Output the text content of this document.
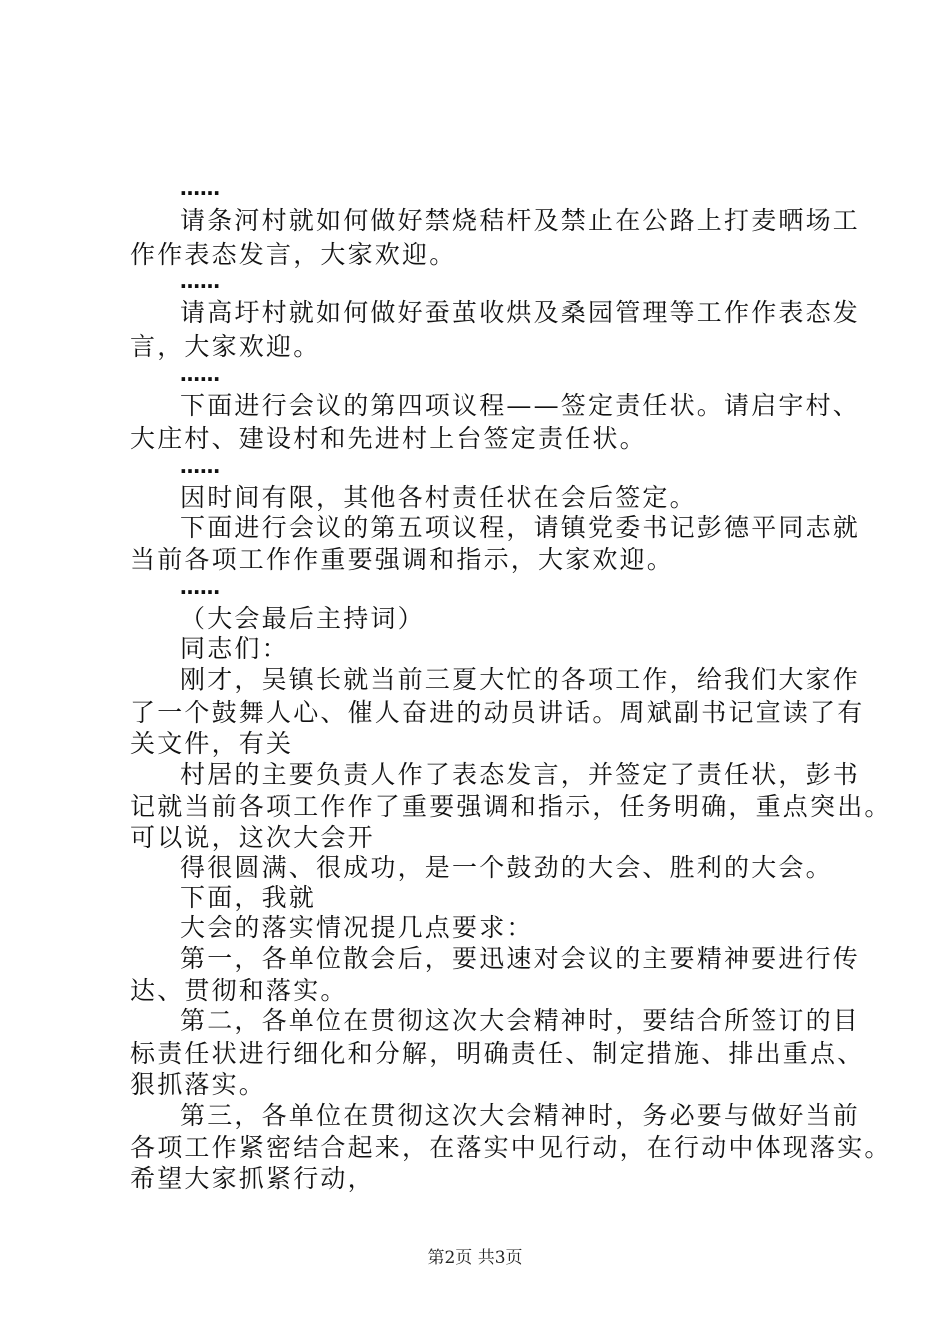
……
请条河村就如何做好禁烧秸杆及禁止在公路上打麦晒场工
作作表态发言，大家欢迎。
……
请高圩村就如何做好蚕茧收烘及桑园管理等工作作表态发
言，大家欢迎。
……
下面进行会议的第四项议程——签定责任状。请启宇村、
大庄村、建设村和先进村上台签定责任状。
……
因时间有限，其他各村责任状在会后签定。
下面进行会议的第五项议程，请镇党委书记彭德平同志就
当前各项工作作重要强调和指示，大家欢迎。
……
（大会最后主持词）
同志们：
刚才，吴镇长就当前三夏大忙的各项工作，给我们大家作
了一个鼓舞人心、催人奋进的动员讲话。周斌副书记宣读了有
关文件，有关
村居的主要负责人作了表态发言，并签定了责任状，彭书
记就当前各项工作作了重要强调和指示，任务明确，重点突出。
可以说，这次大会开
得很圆满、很成功，是一个鼓劲的大会、胜利的大会。
下面，我就
大会的落实情况提几点要求：
第一，各单位散会后，要迅速对会议的主要精神要进行传
达、贯彻和落实。
第二，各单位在贯彻这次大会精神时，要结合所签订的目
标责任状进行细化和分解，明确责任、制定措施、排出重点、
狠抓落实。
第三，各单位在贯彻这次大会精神时，务必要与做好当前
各项工作紧密结合起来，在落实中见行动，在行动中体现落实。
希望大家抓紧行动，
第2页 共3页
